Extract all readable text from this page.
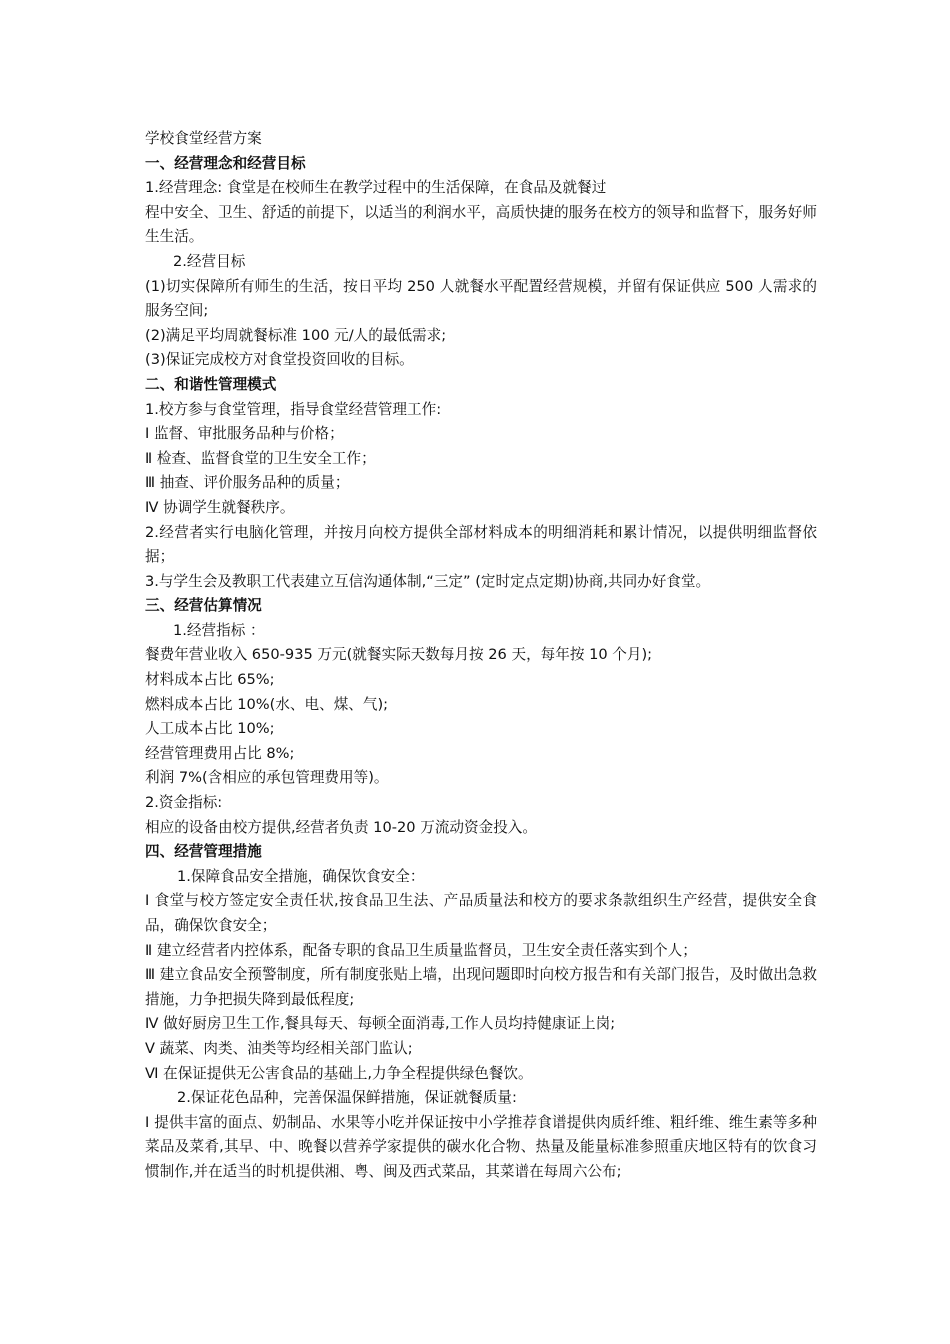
学校食堂经营方案
一、经营理念和经营目标
1.经营理念: 食堂是在校师生在教学过程中的生活保障，在食品及就餐过
程中安全、卫生、舒适的前提下，以适当的利润水平，高质快捷的服务在校方的领导和监督下，服务好师生生活。
2.经营目标
(1)切实保障所有师生的生活，按日平均 250 人就餐水平配置经营规模，并留有保证供应 500 人需求的服务空间;
(2)满足平均周就餐标准 100 元/人的最低需求;
(3)保证完成校方对食堂投资回收的目标。
二、和谐性管理模式
1.校方参与食堂管理，指导食堂经营管理工作:
Ⅰ 监督、审批服务品种与价格；
Ⅱ 检查、监督食堂的卫生安全工作；
Ⅲ 抽查、评价服务品种的质量；
Ⅳ 协调学生就餐秩序。
2.经营者实行电脑化管理，并按月向校方提供全部材料成本的明细消耗和累计情况，以提供明细监督依据；
3.与学生会及教职工代表建立互信沟通体制,“三定” (定时定点定期)协商,共同办好食堂。
三、经营估算情况
1.经营指标 ：
餐费年营业收入 650-935 万元(就餐实际天数每月按 26 天，每年按 10 个月);
材料成本占比 65%;
燃料成本占比 10%(水、电、煤、气);
人工成本占比 10%;
经营管理费用占比 8%;
利润 7%(含相应的承包管理费用等)。
2.资金指标:
相应的设备由校方提供,经营者负责 10-20 万流动资金投入。
四、经营管理措施
1.保障食品安全措施，确保饮食安全：
Ⅰ 食堂与校方签定安全责任状,按食品卫生法、产品质量法和校方的要求条款组织生产经营，提供安全食品，确保饮食安全；
Ⅱ 建立经营者内控体系，配备专职的食品卫生质量监督员，卫生安全责任落实到个人；
Ⅲ 建立食品安全预警制度，所有制度张贴上墙，出现问题即时向校方报告和有关部门报告，及时做出急救措施，力争把损失降到最低程度;
Ⅳ 做好厨房卫生工作,餐具每天、每顿全面消毒,工作人员均持健康证上岗;
Ⅴ 蔬菜、肉类、油类等均经相关部门监认;
Ⅵ 在保证提供无公害食品的基础上,力争全程提供绿色餐饮。
2.保证花色品种，完善保温保鲜措施，保证就餐质量:
Ⅰ 提供丰富的面点、奶制品、水果等小吃并保证按中小学推荐食谱提供肉质纤维、粗纤维、维生素等多种菜品及菜肴,其早、中、晚餐以营养学家提供的碳水化合物、热量及能量标准参照重庆地区特有的饮食习惯制作,并在适当的时机提供湘、粤、闽及西式菜品，其菜谱在每周六公布;
